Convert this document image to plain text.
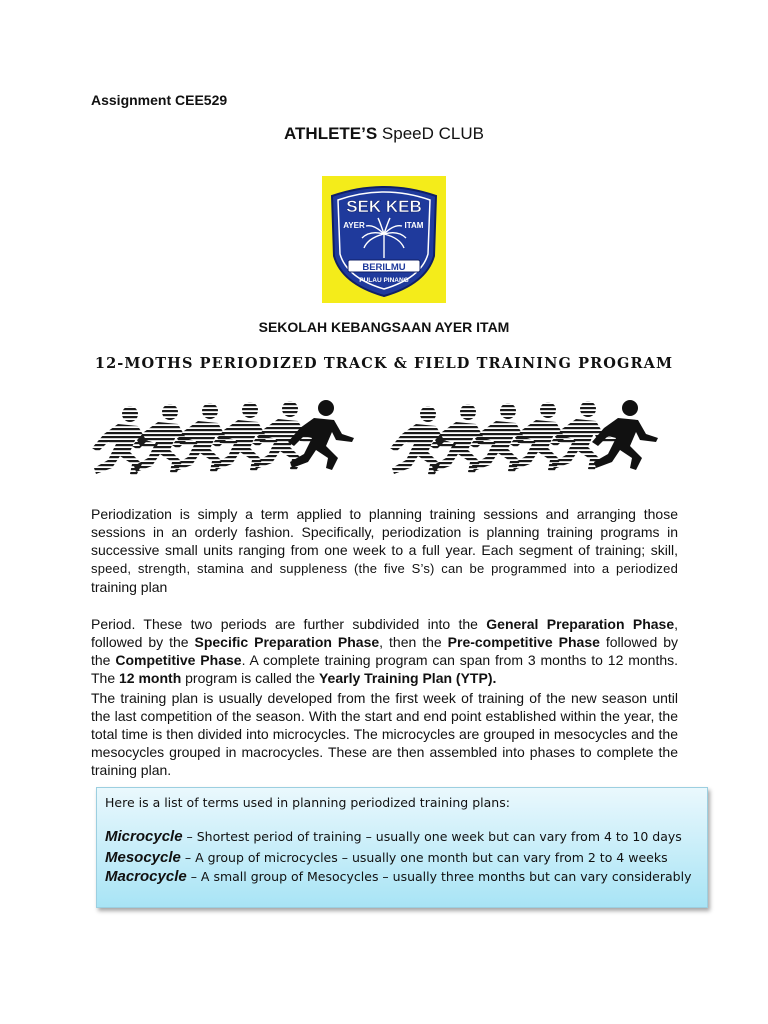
Assignment CEE529
ATHLETE’S SpeeD CLUB
SEK KEB
AYER	ITAM
BERILMU
PULAU PINANG
SEKOLAH KEBANGSAAN AYER ITAM
12-MOTHS PERIODIZED TRACK & FIELD TRAINING PROGRAM
Periodization is simply a term applied to planning training sessions and arranging those sessions in an orderly fashion. Specifically, periodization is planning training programs in successive small units ranging from one week to a full year. Each segment of training; skill, speed, strength, stamina and suppleness (the five S’s) can be programmed into a periodized training plan
Period. These two periods are further subdivided into the General Preparation Phase, followed by the Specific Preparation Phase, then the Pre-competitive Phase followed by the Competitive Phase. A complete training program can span from 3 months to 12 months. The 12 month program is called the Yearly Training Plan (YTP).
The training plan is usually developed from the first week of training of the new season until the last competition of the season. With the start and end point established within the year, the total time is then divided into microcycles. The microcycles are grouped in mesocycles and the mesocycles grouped in macrocycles. These are then assembled into phases to complete the training plan.
Here is a list of terms used in planning periodized training plans:
Microcycle – Shortest period of training – usually one week but can vary from 4 to 10 days
Mesocycle – A group of microcycles – usually one month but can vary from 2 to 4 weeks
Macrocycle – A small group of Mesocycles – usually three months but can vary considerably
